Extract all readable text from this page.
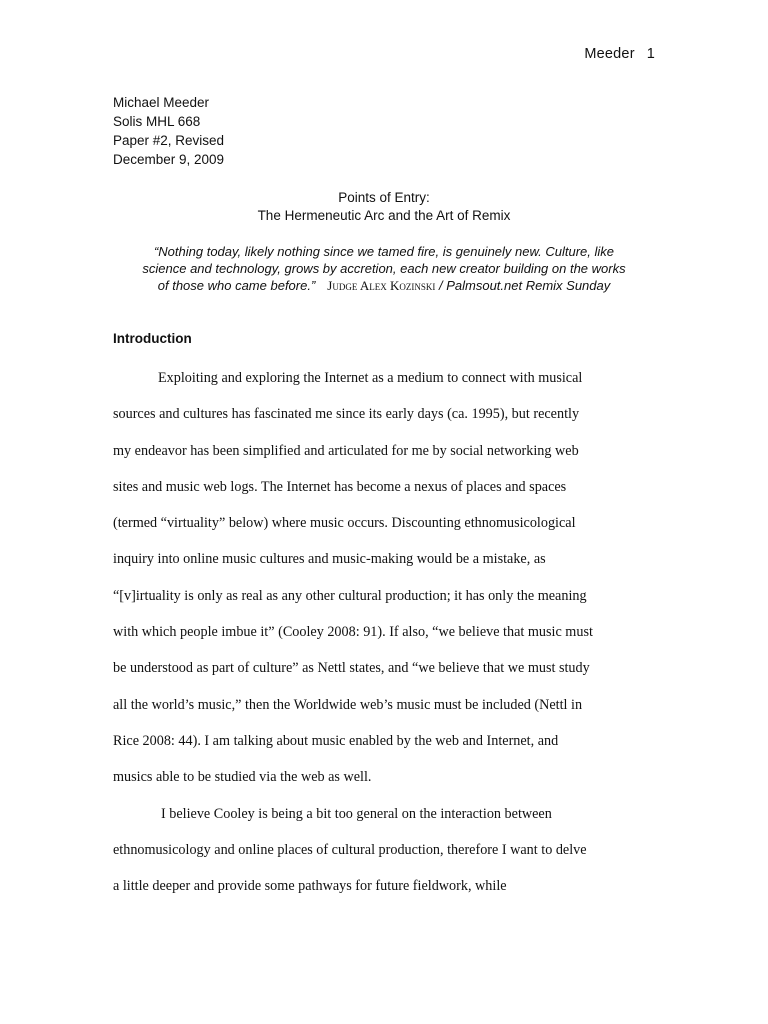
Meeder 1
Michael Meeder
Solis MHL 668
Paper #2, Revised
December 9, 2009
Points of Entry:
The Hermeneutic Arc and the Art of Remix
“Nothing today, likely nothing since we tamed fire, is genuinely new. Culture, like
science and technology, grows by accretion, each new creator building on the works
of those who came before.” Judge Alex Kozinski / Palmsout.net Remix Sunday
Introduction
Exploiting and exploring the Internet as a medium to connect with musical
sources and cultures has fascinated me since its early days (ca. 1995), but recently
my endeavor has been simplified and articulated for me by social networking web
sites and music web logs. The Internet has become a nexus of places and spaces
(termed “virtuality” below) where music occurs. Discounting ethnomusicological
inquiry into online music cultures and music-making would be a mistake, as
“[v]irtuality is only as real as any other cultural production; it has only the meaning
with which people imbue it” (Cooley 2008: 91). If also, “we believe that music must
be understood as part of culture” as Nettl states, and “we believe that we must study
all the world’s music,” then the Worldwide web’s music must be included (Nettl in
Rice 2008: 44). I am talking about music enabled by the web and Internet, and
musics able to be studied via the web as well.
I believe Cooley is being a bit too general on the interaction between
ethnomusicology and online places of cultural production, therefore I want to delve
a little deeper and provide some pathways for future fieldwork, while
